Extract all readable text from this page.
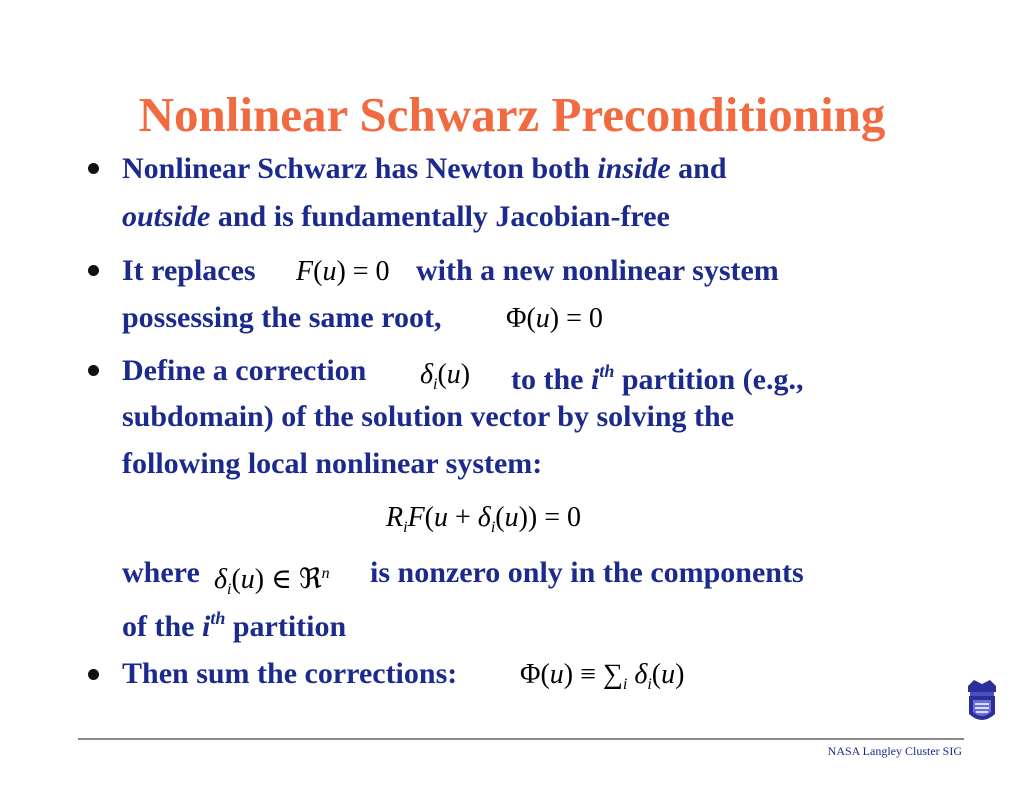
Nonlinear Schwarz Preconditioning
Nonlinear Schwarz has Newton both inside and
outside and is fundamentally Jacobian-free
It replaces F(u) = 0 with a new nonlinear system
possessing the same root, Φ(u) = 0
Define a correction $\delta_i(u)$ to the $i^{th}$ partition (e.g.,
subdomain) of the solution vector by solving the
following local nonlinear system:
$R_iF(u + \delta_i(u)) = 0$
where $\delta_i(u)$ ∈ ℜ$^n$ is nonzero only in the components
of the $i^{th}$ partition
Then sum the corrections: $\Phi(u) \equiv \sum_i$ $\delta_i(u)$
NASA Langley Cluster SIG
